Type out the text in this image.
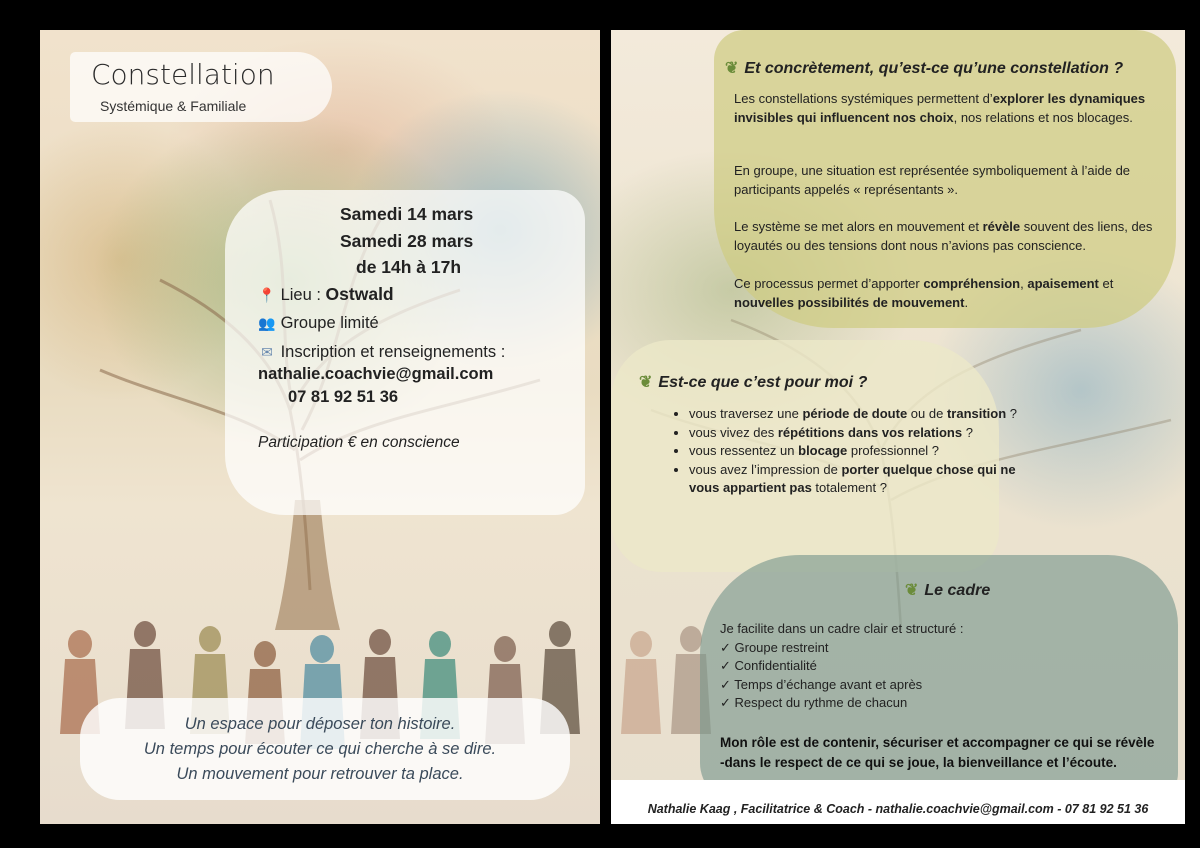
Constellation
Systémique & Familiale
Samedi 14 mars
Samedi 28 mars
de 14h à 17h
📍 Lieu : Ostwald
👥 Groupe limité
✉ Inscription et renseignements :
nathalie.coachvie@gmail.com
07 81 92 51 36
Participation € en conscience
Un espace pour déposer ton histoire.
Un temps pour écouter ce qui cherche à se dire.
Un mouvement pour retrouver ta place.
❦ Et concrètement, qu’est-ce qu’une constellation ?
Les constellations systémiques permettent d’explorer les dynamiques invisibles qui influencent nos choix, nos relations et nos blocages.
En groupe, une situation est représentée symboliquement à l’aide de participants appelés « représentants ».
Le système se met alors en mouvement et révèle souvent des liens, des loyautés ou des tensions dont nous n’avions pas conscience.
Ce processus permet d’apporter compréhension, apaisement et nouvelles possibilités de mouvement.
❦ Est-ce que c’est pour moi ?
• vous traversez une période de doute ou de transition ?
• vous vivez des répétitions dans vos relations ?
• vous ressentez un blocage professionnel ?
• vous avez l’impression de porter quelque chose qui ne vous appartient pas totalement ?
❦ Le cadre
Je facilite dans un cadre clair et structuré :
✓ Groupe restreint
✓ Confidentialité
✓ Temps d’échange avant et après
✓ Respect du rythme de chacun
Mon rôle est de contenir, sécuriser et accompagner ce qui se révèle -dans le respect de ce qui se joue, la bienveillance et l’écoute.
Nathalie Kaag , Facilitatrice & Coach - nathalie.coachvie@gmail.com - 07 81 92 51 36
